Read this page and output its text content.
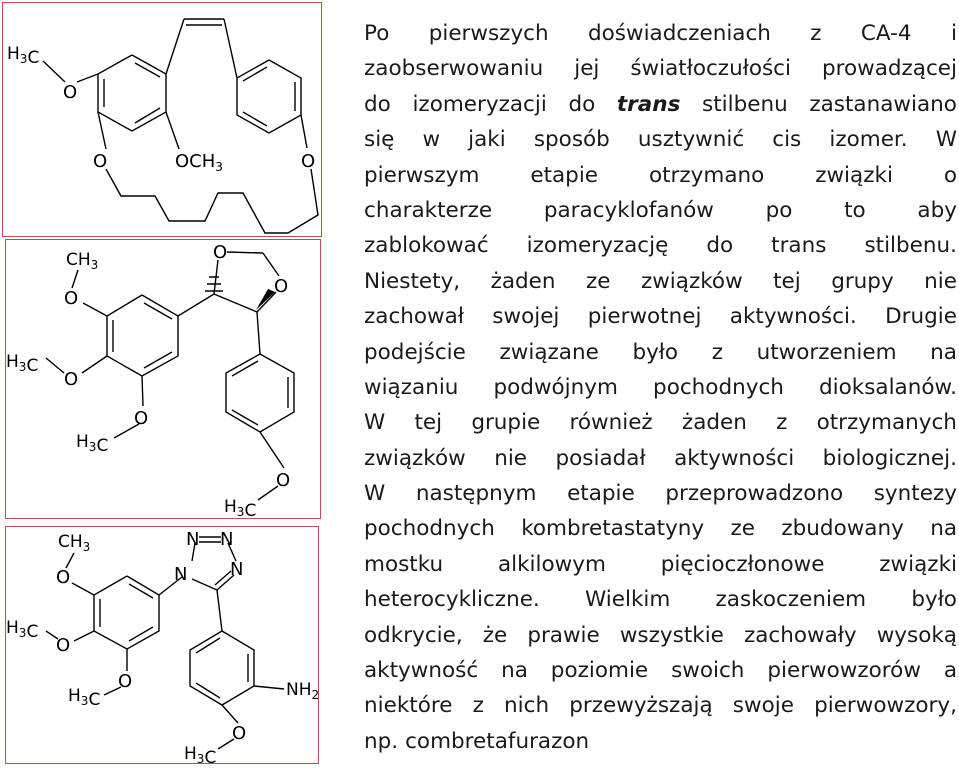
$H_3C$
O
O	$OCH_3$	O
$CH_3$
O
$H_3C$
O
O
$H_3C$
O
O
O
$H_3C$
$CH_3$
O
$H_3C$
O
O
$H_3C$
N N
N N
$NH_2$
O
$H_3C$
Po pierwszych doświadczeniach z CA-4 i
zaobserwowaniu jej światłoczułości prowadzącej
do izomeryzacji do trans stilbenu zastanawiano
się w jaki sposób usztywnić cis izomer. W
pierwszym etapie otrzymano związki o
charakterze paracyklofanów po to aby
zablokować izomeryzację do trans stilbenu.
Niestety, żaden ze związków tej grupy nie
zachował swojej pierwotnej aktywności. Drugie
podejście związane było z utworzeniem na
wiązaniu podwójnym pochodnych dioksalanów.
W tej grupie również żaden z otrzymanych
związków nie posiadał aktywności biologicznej.
W następnym etapie przeprowadzono syntezy
pochodnych kombretastatyny ze zbudowany na
mostku	alkilowym	pięcioczłonowe	związki
heterocykliczne. Wielkim zaskoczeniem było
odkrycie, że prawie wszystkie zachowały wysoką
aktywność na poziomie swoich pierwowzorów a
niektóre z nich przewyższają swoje pierwowzory,
np. combretafurazon
